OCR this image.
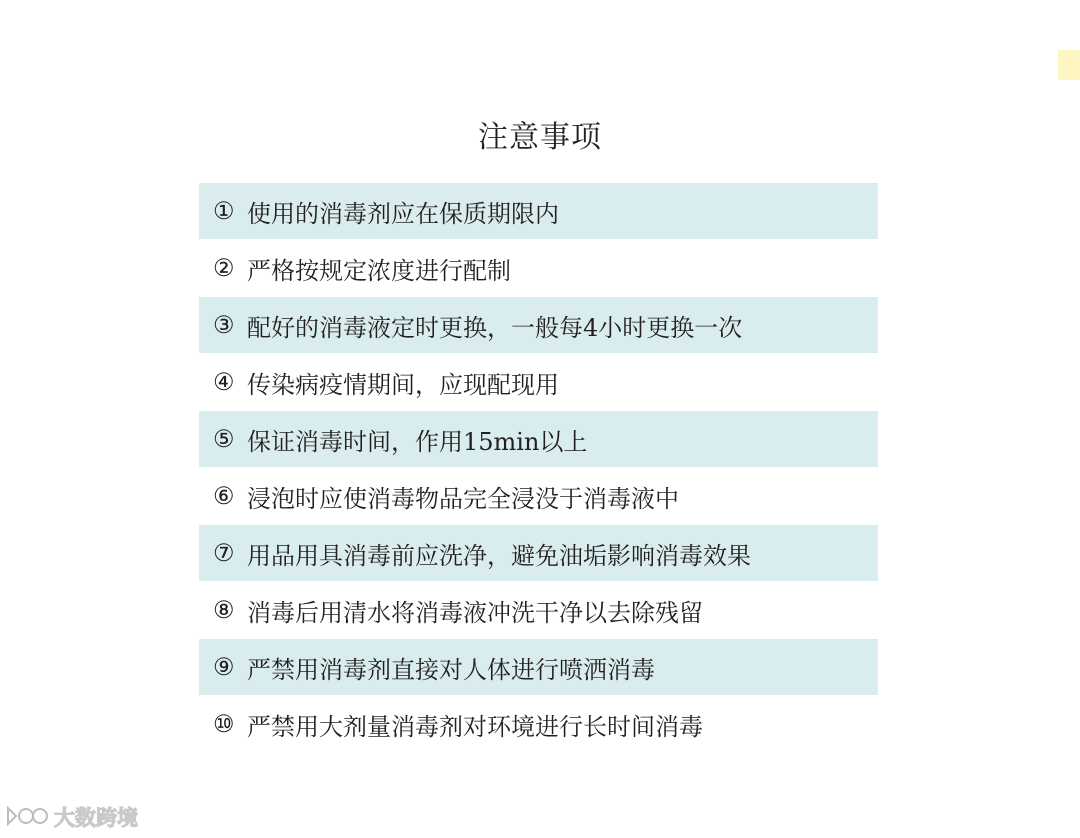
注意事项
① 使用的消毒剂应在保质期限内
② 严格按规定浓度进行配制
③ 配好的消毒液定时更换，一般每4小时更换一次
④ 传染病疫情期间，应现配现用
⑤ 保证消毒时间，作用15min以上
⑥ 浸泡时应使消毒物品完全浸没于消毒液中
⑦ 用品用具消毒前应洗净，避免油垢影响消毒效果
⑧ 消毒后用清水将消毒液冲洗干净以去除残留
⑨ 严禁用消毒剂直接对人体进行喷洒消毒
⑩ 严禁用大剂量消毒剂对环境进行长时间消毒
大数跨境
